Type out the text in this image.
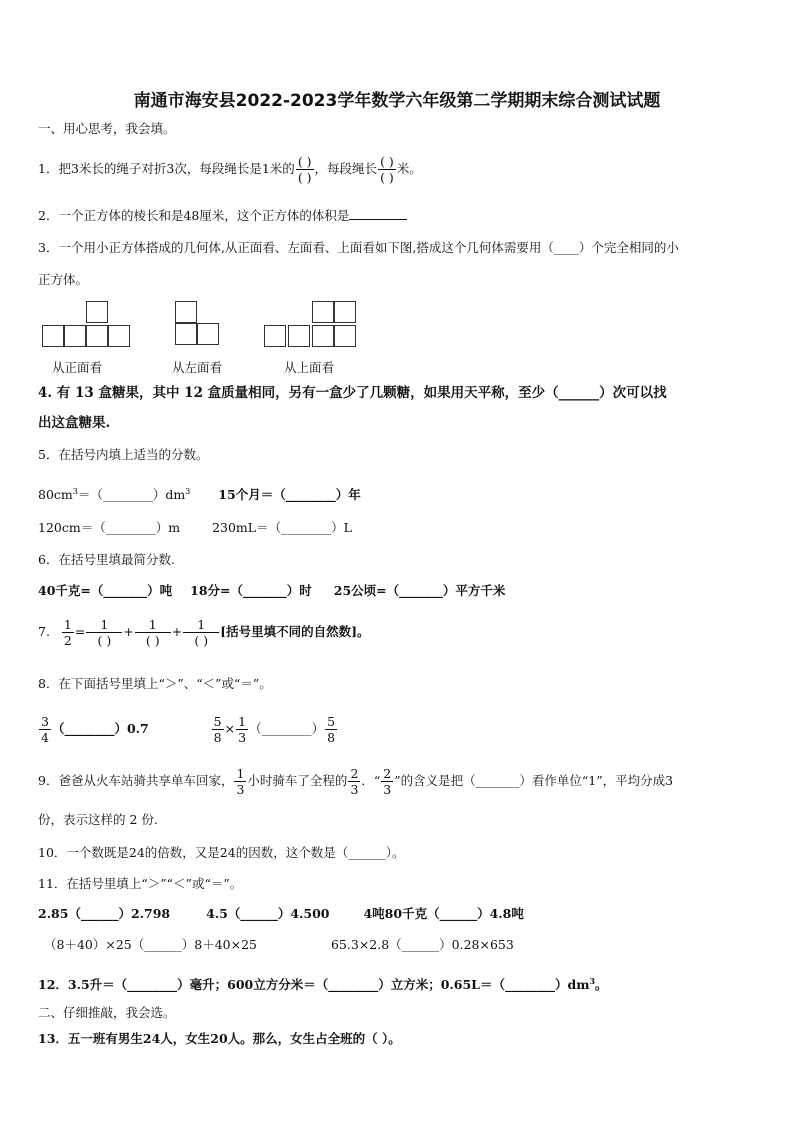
南通市海安县2022-2023学年数学六年级第二学期期末综合测试试题
一、用心思考，我会填。
1．把3米长的绳子对折3次，每段绳长是1米的 $\frac{( )}{( )}$ ，每段绳长 $\frac{( )}{( )}$ 米。
2．一个正方体的棱长和是48厘米，这个正方体的体积是
3．一个用小正方体搭成的几何体,从正面看、左面看、上面看如下图,搭成这个几何体需要用（____）个完全相同的小
正方体。
从正面看	从左面看	从上面看
4. 有 13 盒糖果，其中 12 盒质量相同，另有一盒少了几颗糖，如果用天平称，至少（______）次可以找
出这盒糖果.
5．在括号内填上适当的分数。
$80cm^3=(\_\_\_\_\_\_\_\_)dm^3$ 15个月＝（________）年
120cm＝（________）m	230mL＝（________）L
6．在括号里填最简分数.
40千克=（_______）吨 18分=（_______）时 25公顷=（_______）平方千米
7. $\frac{1}{2} = \frac{1}{( )} + \frac{1}{( )} + \frac{1}{( )}$ [括号里填不同的自然数]。
8．在下面括号里填上“＞”、“＜”或“＝”。
$\frac{3}{4}$ （________）0.7	$\frac{5}{8} \times \frac{1}{3}$ （________） $\frac{5}{8}$
9．爸爸从火车站骑共享单车回家， $\frac{1}{3}$ 小时骑车了全程的 $\frac{2}{3}$ ．“ $\frac{2}{3}$ ”的含义是把（_______）看作单位“1”，平均分成3
份，表示这样的 2 份.
10．一个数既是24的倍数，又是24的因数，这个数是（______）。
11．在括号里填上“＞”“＜”或“＝”。
2.85（______）2.798	4.5（______）4.500	4吨80千克（______）4.8吨
（8＋40）×25（______）8＋40×25	65.3×2.8（______）0.28×653
12．3.5升＝（________）毫升；600立方分米＝（________）立方米；$0.65L=(\_\_\_\_\_\_\_\_)dm^3$。
二、仔细推敲，我会选。
13．五一班有男生24人，女生20人。那么，女生占全班的（ ）。
